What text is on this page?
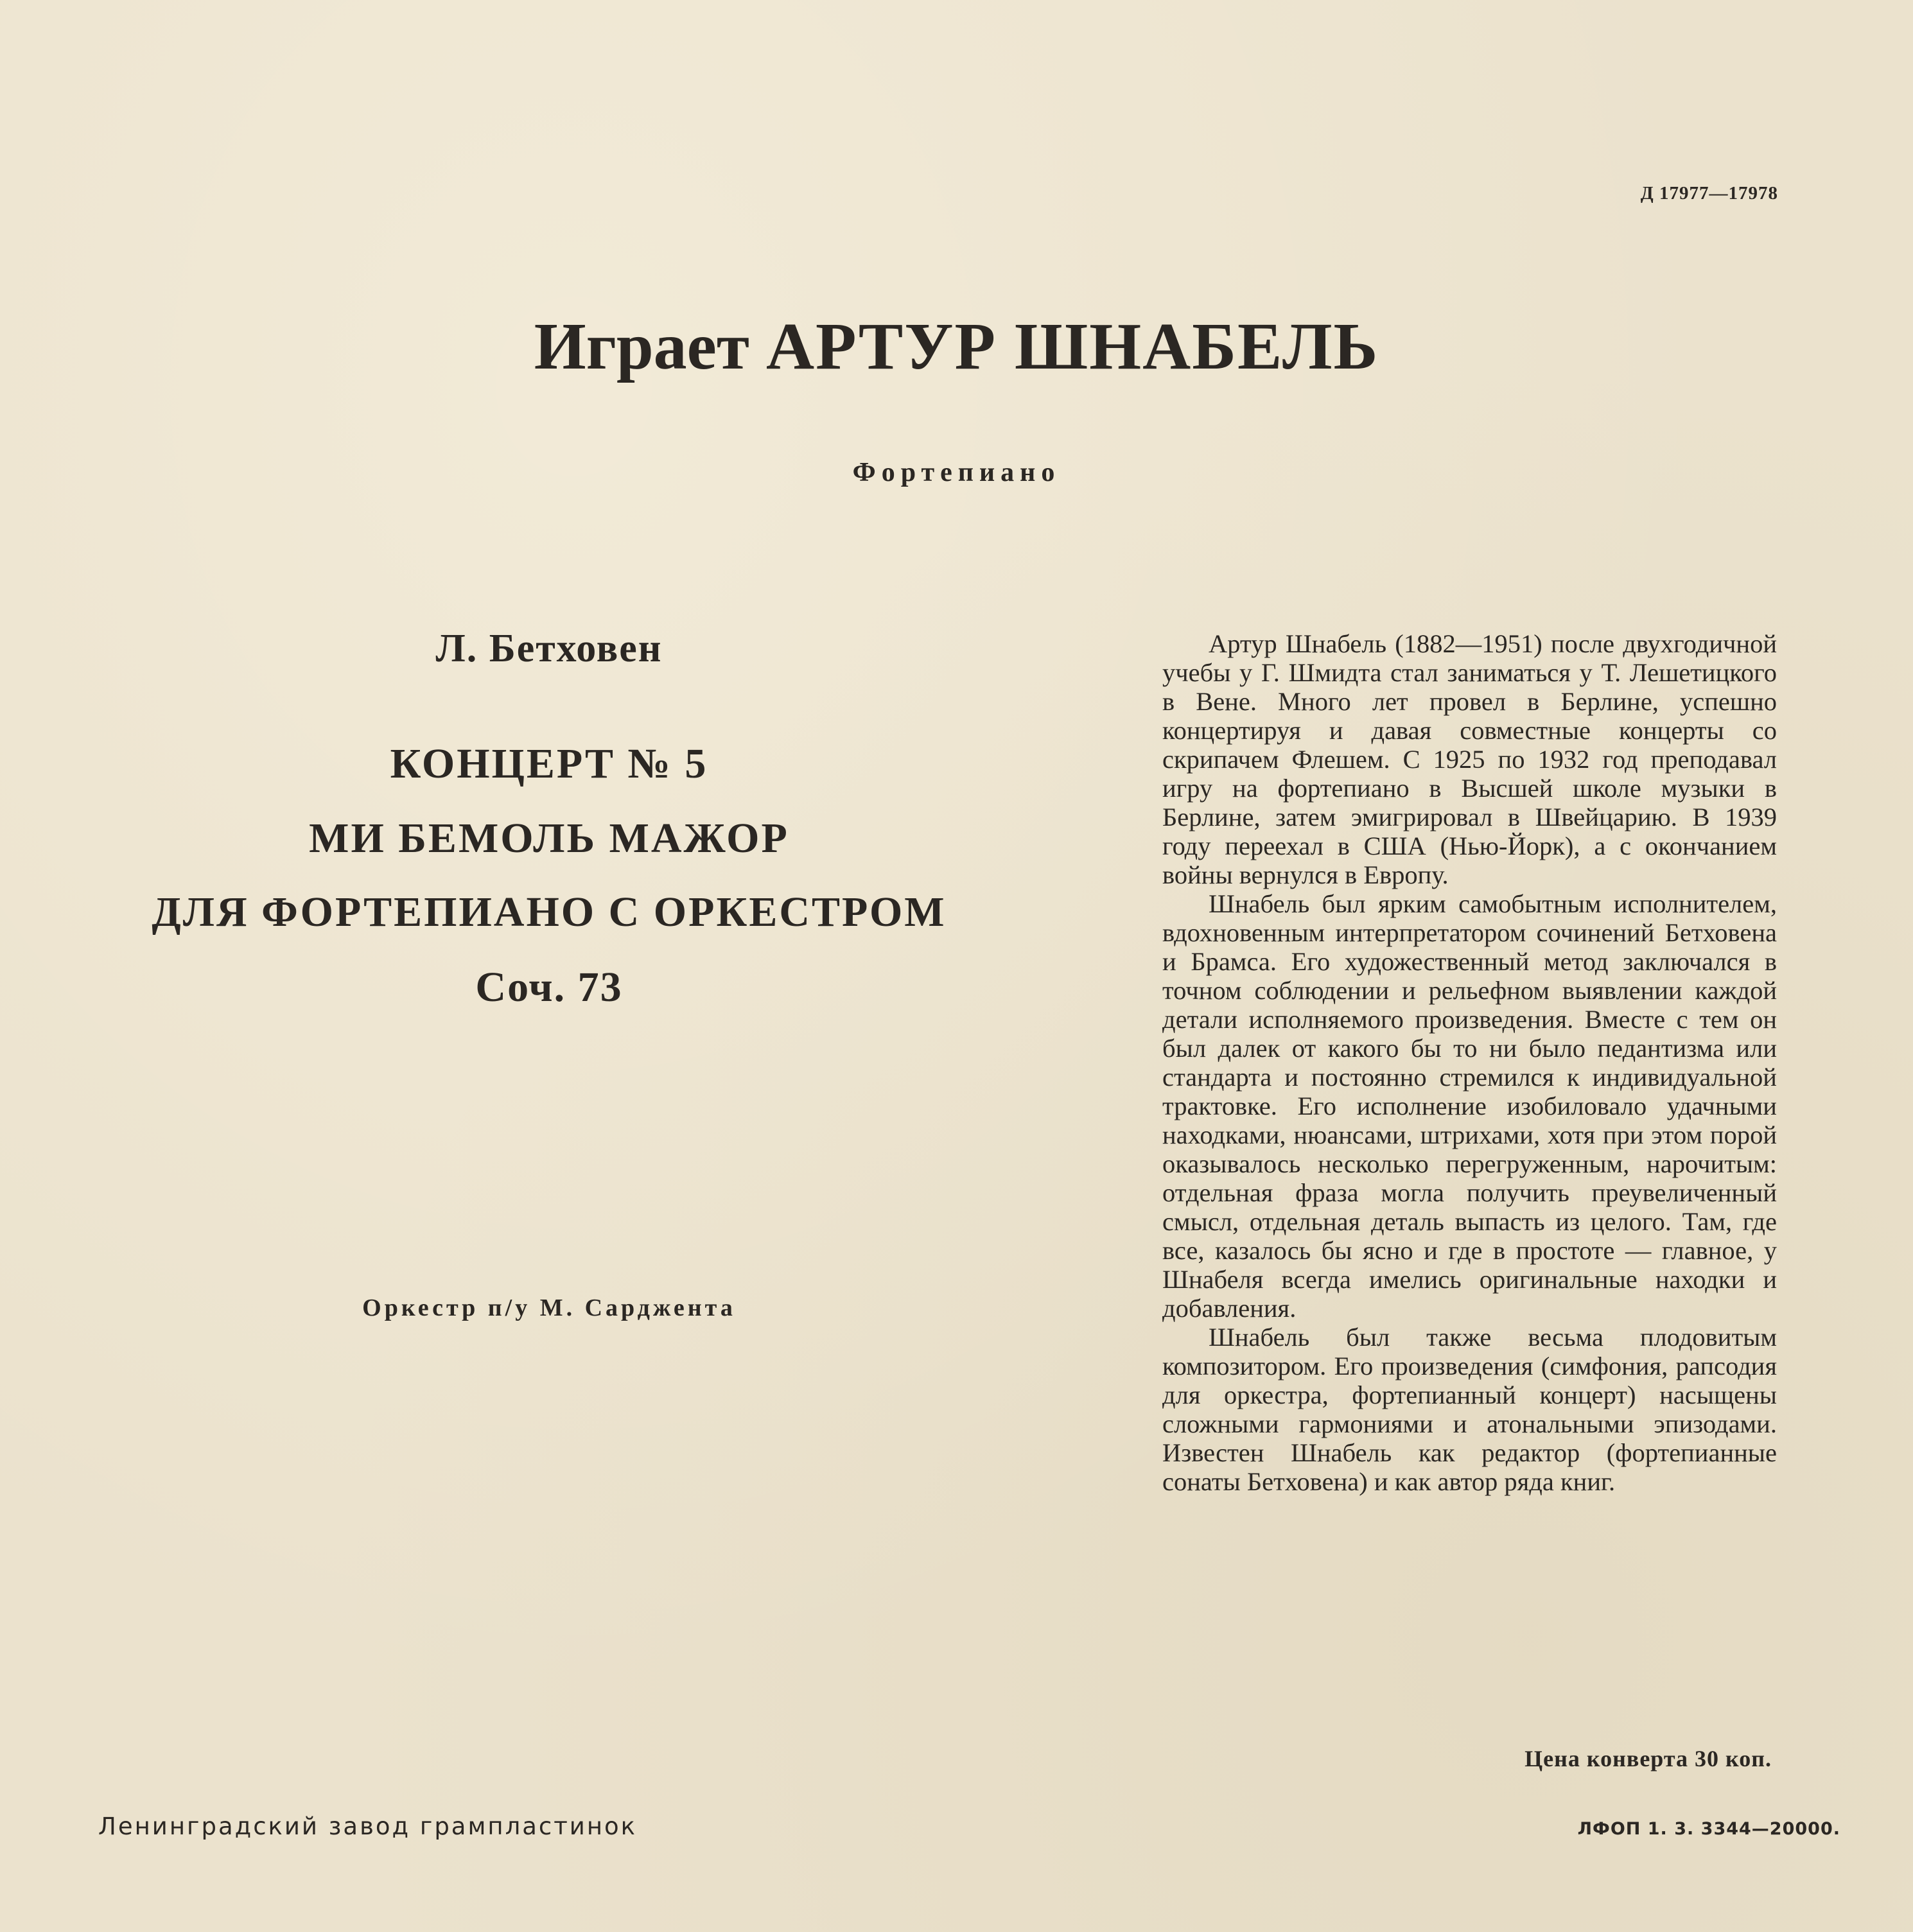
Д 17977—17978
Играет АРТУР ШНАБЕЛЬ
Фортепиано
Л. Бетховен
КОНЦЕРТ № 5
МИ БЕМОЛЬ МАЖОР
ДЛЯ ФОРТЕПИАНО С ОРКЕСТРОМ
Соч. 73
Оркестр п/у М. Сарджента

Артур Шнабель (1882—1951) после двухгодичной учебы у Г. Шмидта стал заниматься у Т. Лешетицкого в Вене. Много лет провел в Берлине, успешно концертируя и давая совместные концерты со скрипачем Флешем. С 1925 по 1932 год преподавал игру на фортепиано в Высшей школе музыки в Берлине, затем эмигрировал в Швейцарию. В 1939 году переехал в США (Нью-Йорк), а с окончанием войны вернулся в Европу.

Шнабель был ярким самобытным исполнителем, вдохновенным интерпретатором сочинений Бетховена и Брамса. Его художественный метод заключался в точном соблюдении и рельефном выявлении каждой детали исполняемого произведения. Вместе с тем он был далек от какого бы то ни было педантизма или стандарта и постоянно стремился к индивидуальной трактовке. Его исполнение изобиловало удачными находками, нюансами, штрихами, хотя при этом порой оказывалось несколько перегруженным, нарочитым: отдельная фраза могла получить преувеличенный смысл, отдельная деталь выпасть из целого. Там, где все, казалось бы ясно и где в простоте — главное, у Шнабеля всегда имелись оригинальные находки и добавления.

Шнабель был также весьма плодовитым композитором. Его произведения (симфония, рапсодия для оркестра, фортепианный концерт) насыщены сложными гармониями и атональными эпизодами. Известен Шнабель как редактор (фортепианные сонаты Бетховена) и как автор ряда книг.

Цена конверта 30 коп.
Ленинградский завод грампластинок	ЛФОП 1. 3. 3344—20000.
